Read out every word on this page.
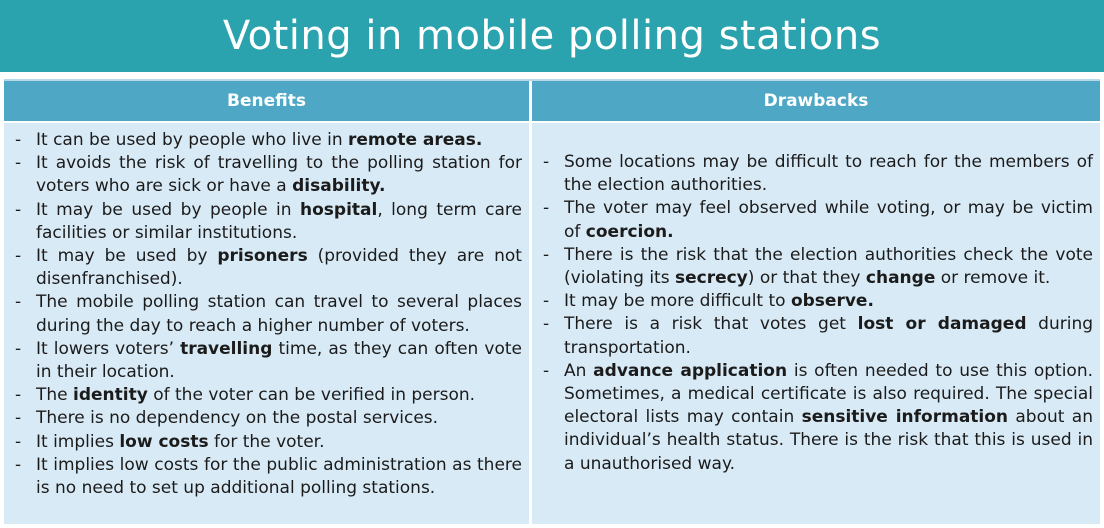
Voting in mobile polling stations
Benefits
- It can be used by people who live in remote areas.
- It avoids the risk of travelling to the polling station for voters who are sick or have a disability.
- It may be used by people in hospital, long term care facilities or similar institutions.
- It may be used by prisoners (provided they are not disenfranchised).
- The mobile polling station can travel to several places during the day to reach a higher number of voters.
- It lowers voters’ travelling time, as they can often vote in their location.
- The identity of the voter can be verified in person.
- There is no dependency on the postal services.
- It implies low costs for the voter.
- It implies low costs for the public administration as there is no need to set up additional polling stations.
Drawbacks
- Some locations may be difficult to reach for the members of the election authorities.
- The voter may feel observed while voting, or may be victim of coercion.
- There is the risk that the election authorities check the vote (violating its secrecy) or that they change or remove it.
- It may be more difficult to observe.
- There is a risk that votes get lost or damaged during transportation.
- An advance application is often needed to use this option. Sometimes, a medical certificate is also required. The special electoral lists may contain sensitive information about an individual’s health status. There is the risk that this is used in a unauthorised way.
